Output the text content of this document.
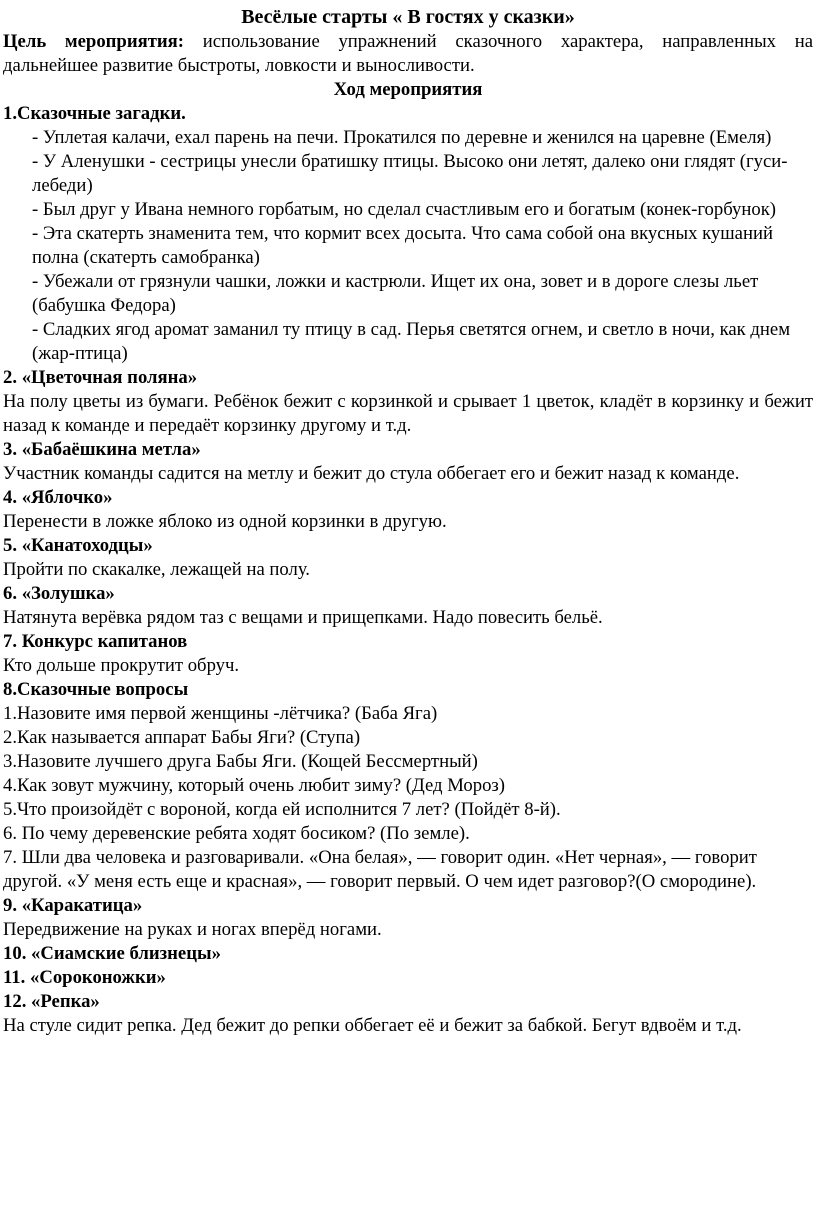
Весёлые старты « В гостях у сказки»

Цель мероприятия: использование упражнений сказочного характера, направленных на дальнейшее развитие быстроты, ловкости и выносливости.

Ход мероприятия

1.Сказочные загадки.

- Уплетая калачи, ехал парень на печи. Прокатился по деревне и женился на царевне (Емеля)

- У Аленушки - сестрицы унесли братишку птицы. Высоко они летят, далеко они глядят (гуси-лебеди)

- Был друг у Ивана немного горбатым, но сделал счастливым его и богатым (конек-горбунок)

- Эта скатерть знаменита тем, что кормит всех досыта. Что сама собой она вкусных кушаний полна (скатерть самобранка)

- Убежали от грязнули чашки, ложки и кастрюли. Ищет их она, зовет и в дороге слезы льет (бабушка Федора)

- Сладких ягод аромат заманил ту птицу в сад. Перья светятся огнем, и светло в ночи, как днем (жар-птица)

2. «Цветочная поляна»

На полу цветы из бумаги. Ребёнок бежит с корзинкой и срывает 1 цветок, кладёт в корзинку и бежит назад к команде и передаёт корзинку другому и т.д.

3. «Бабаёшкина метла»

Участник команды садится на метлу и бежит до стула оббегает его и бежит назад к команде.

4. «Яблочко»

Перенести в ложке яблоко из одной корзинки в другую.

5. «Канатоходцы»

Пройти по скакалке, лежащей на полу.

6. «Золушка»

Натянута верёвка рядом таз с вещами и прищепками. Надо повесить бельё.

7. Конкурс капитанов

Кто дольше прокрутит обруч.

8.Сказочные вопросы

1.Назовите имя первой женщины -лётчика? (Баба Яга)

2.Как называется аппарат Бабы Яги? (Ступа)

3.Назовите лучшего друга Бабы Яги. (Кощей Бессмертный)

4.Как зовут мужчину, который очень любит зиму? (Дед Мороз)

5.Что произойдёт с вороной, когда ей исполнится 7 лет? (Пойдёт 8-й).

6. По чему деревенские ребята ходят босиком? (По земле).

7. Шли два человека и разговаривали. «Она белая», — говорит один. «Нет черная», — говорит другой. «У меня есть еще и красная», — говорит первый. О чем идет разговор?(О смородине).

9. «Каракатица»

Передвижение на руках и ногах вперёд ногами.

10. «Сиамские близнецы»

11. «Сороконожки»

12. «Репка»

На стуле сидит репка. Дед бежит до репки оббегает её и бежит за бабкой. Бегут вдвоём и т.д.
